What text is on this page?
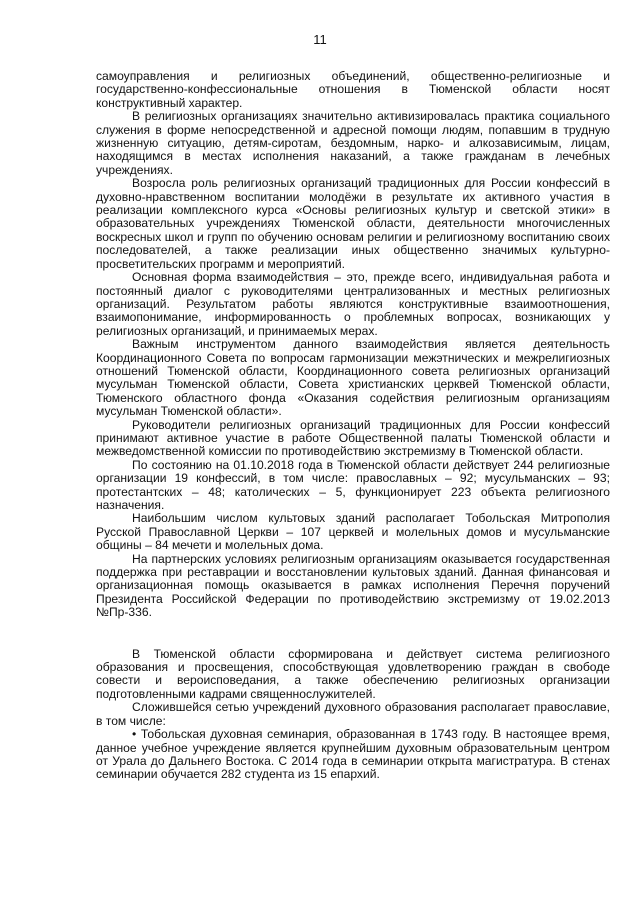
11

самоуправления и религиозных объединений, общественно-религиозные и государственно-конфессиональные отношения в Тюменской области носят конструктивный характер.

В религиозных организациях значительно активизировалась практика социального служения в форме непосредственной и адресной помощи людям, попавшим в трудную жизненную ситуацию, детям-сиротам, бездомным, нарко- и алкозависимым, лицам, находящимся в местах исполнения наказаний, а также гражданам в лечебных учреждениях.

Возросла роль религиозных организаций традиционных для России конфессий в духовно-нравственном воспитании молодёжи в результате их активного участия в реализации комплексного курса «Основы религиозных культур и светской этики» в образовательных учреждениях Тюменской области, деятельности многочисленных воскресных школ и групп по обучению основам религии и религиозному воспитанию своих последователей, а также реализации иных общественно значимых культурно-просветительских программ и мероприятий.

Основная форма взаимодействия – это, прежде всего, индивидуальная работа и постоянный диалог с руководителями централизованных и местных религиозных организаций. Результатом работы являются конструктивные взаимоотношения, взаимопонимание, информированность о проблемных вопросах, возникающих у религиозных организаций, и принимаемых мерах.

Важным инструментом данного взаимодействия является деятельность Координационного Совета по вопросам гармонизации межэтнических и межрелигиозных отношений Тюменской области, Координационного совета религиозных организаций мусульман Тюменской области, Совета христианских церквей Тюменской области, Тюменского областного фонда «Оказания содействия религиозным организациям мусульман Тюменской области».

Руководители религиозных организаций традиционных для России конфессий принимают активное участие в работе Общественной палаты Тюменской области и межведомственной комиссии по противодействию экстремизму в Тюменской области.

По состоянию на 01.10.2018 года в Тюменской области действует 244 религиозные организации 19 конфессий, в том числе: православных – 92; мусульманских – 93; протестантских – 48; католических – 5, функционирует 223 объекта религиозного назначения.

Наибольшим числом культовых зданий располагает Тобольская Митрополия Русской Православной Церкви – 107 церквей и молельных домов и мусульманские общины – 84 мечети и молельных дома.

На партнерских условиях религиозным организациям оказывается государственная поддержка при реставрации и восстановлении культовых зданий. Данная финансовая и организационная помощь оказывается в рамках исполнения Перечня поручений Президента Российской Федерации по противодействию экстремизму от 19.02.2013 №Пр-336.

В Тюменской области сформирована и действует система религиозного образования и просвещения, способствующая удовлетворению граждан в свободе совести и вероисповедания, а также обеспечению религиозных организации подготовленными кадрами священнослужителей.

Сложившейся сетью учреждений духовного образования располагает православие, в том числе:

• Тобольская духовная семинария, образованная в 1743 году. В настоящее время, данное учебное учреждение является крупнейшим духовным образовательным центром от Урала до Дальнего Востока. С 2014 года в семинарии открыта магистратура. В стенах семинарии обучается 282 студента из 15 епархий.
